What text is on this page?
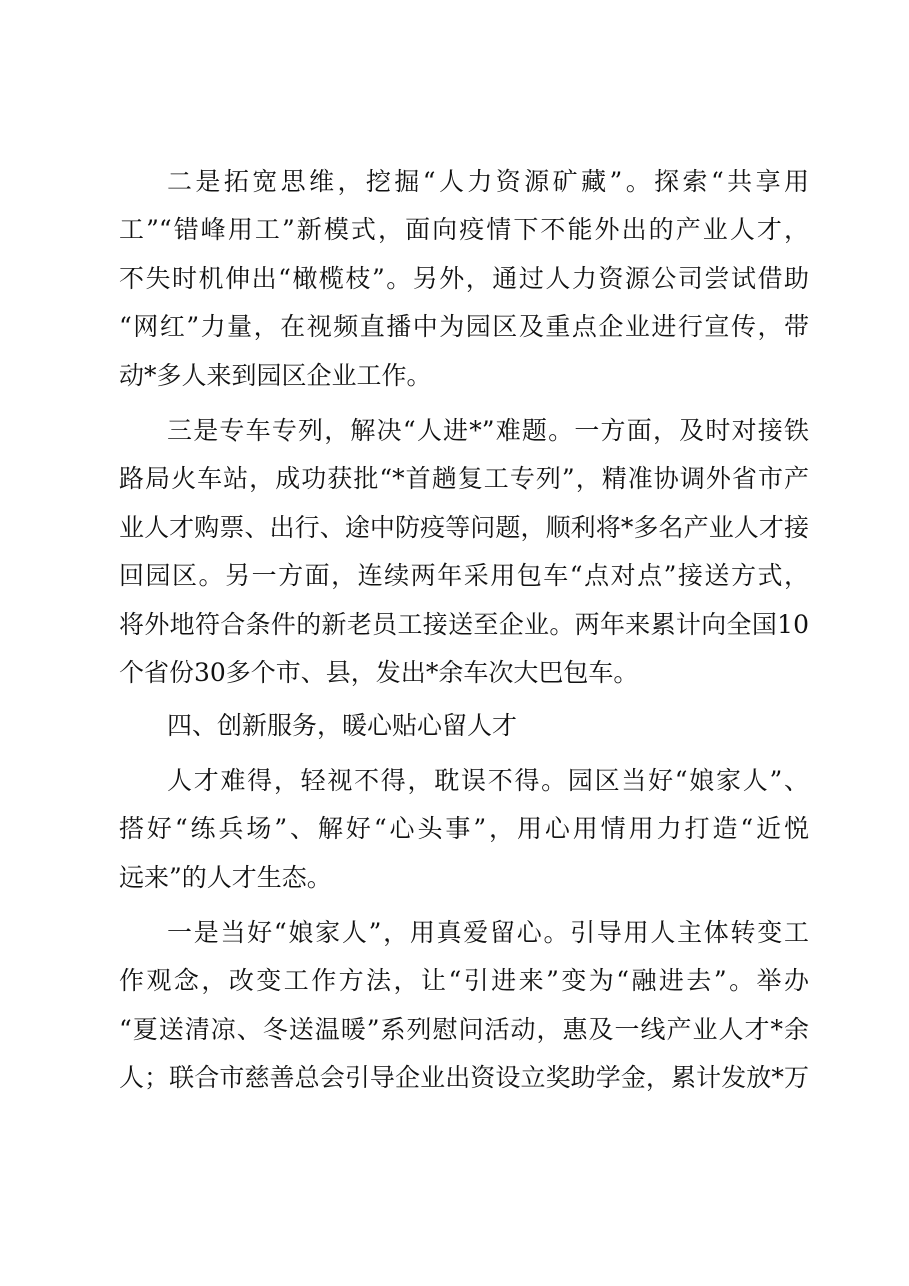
二是拓宽思维，挖掘“人力资源矿藏”。探索“共享用
工”“错峰用工”新模式，面向疫情下不能外出的产业人才，
不失时机伸出“橄榄枝”。另外，通过人力资源公司尝试借助
“网红”力量，在视频直播中为园区及重点企业进行宣传，带
动*多人来到园区企业工作。
三是专车专列，解决“人进*”难题。一方面，及时对接铁
路局火车站，成功获批“*首趟复工专列”，精准协调外省市产
业人才购票、出行、途中防疫等问题，顺利将*多名产业人才接
回园区。另一方面，连续两年采用包车“点对点”接送方式，
将外地符合条件的新老员工接送至企业。两年来累计向全国10
个省份30多个市、县，发出*余车次大巴包车。
四、创新服务，暖心贴心留人才
人才难得，轻视不得，耽误不得。园区当好“娘家人”、
搭好“练兵场”、解好“心头事”，用心用情用力打造“近悦
远来”的人才生态。
一是当好“娘家人”，用真爱留心。引导用人主体转变工
作观念，改变工作方法，让“引进来”变为“融进去”。举办
“夏送清凉、冬送温暖”系列慰问活动，惠及一线产业人才*余
人；联合市慈善总会引导企业出资设立奖助学金，累计发放*万
